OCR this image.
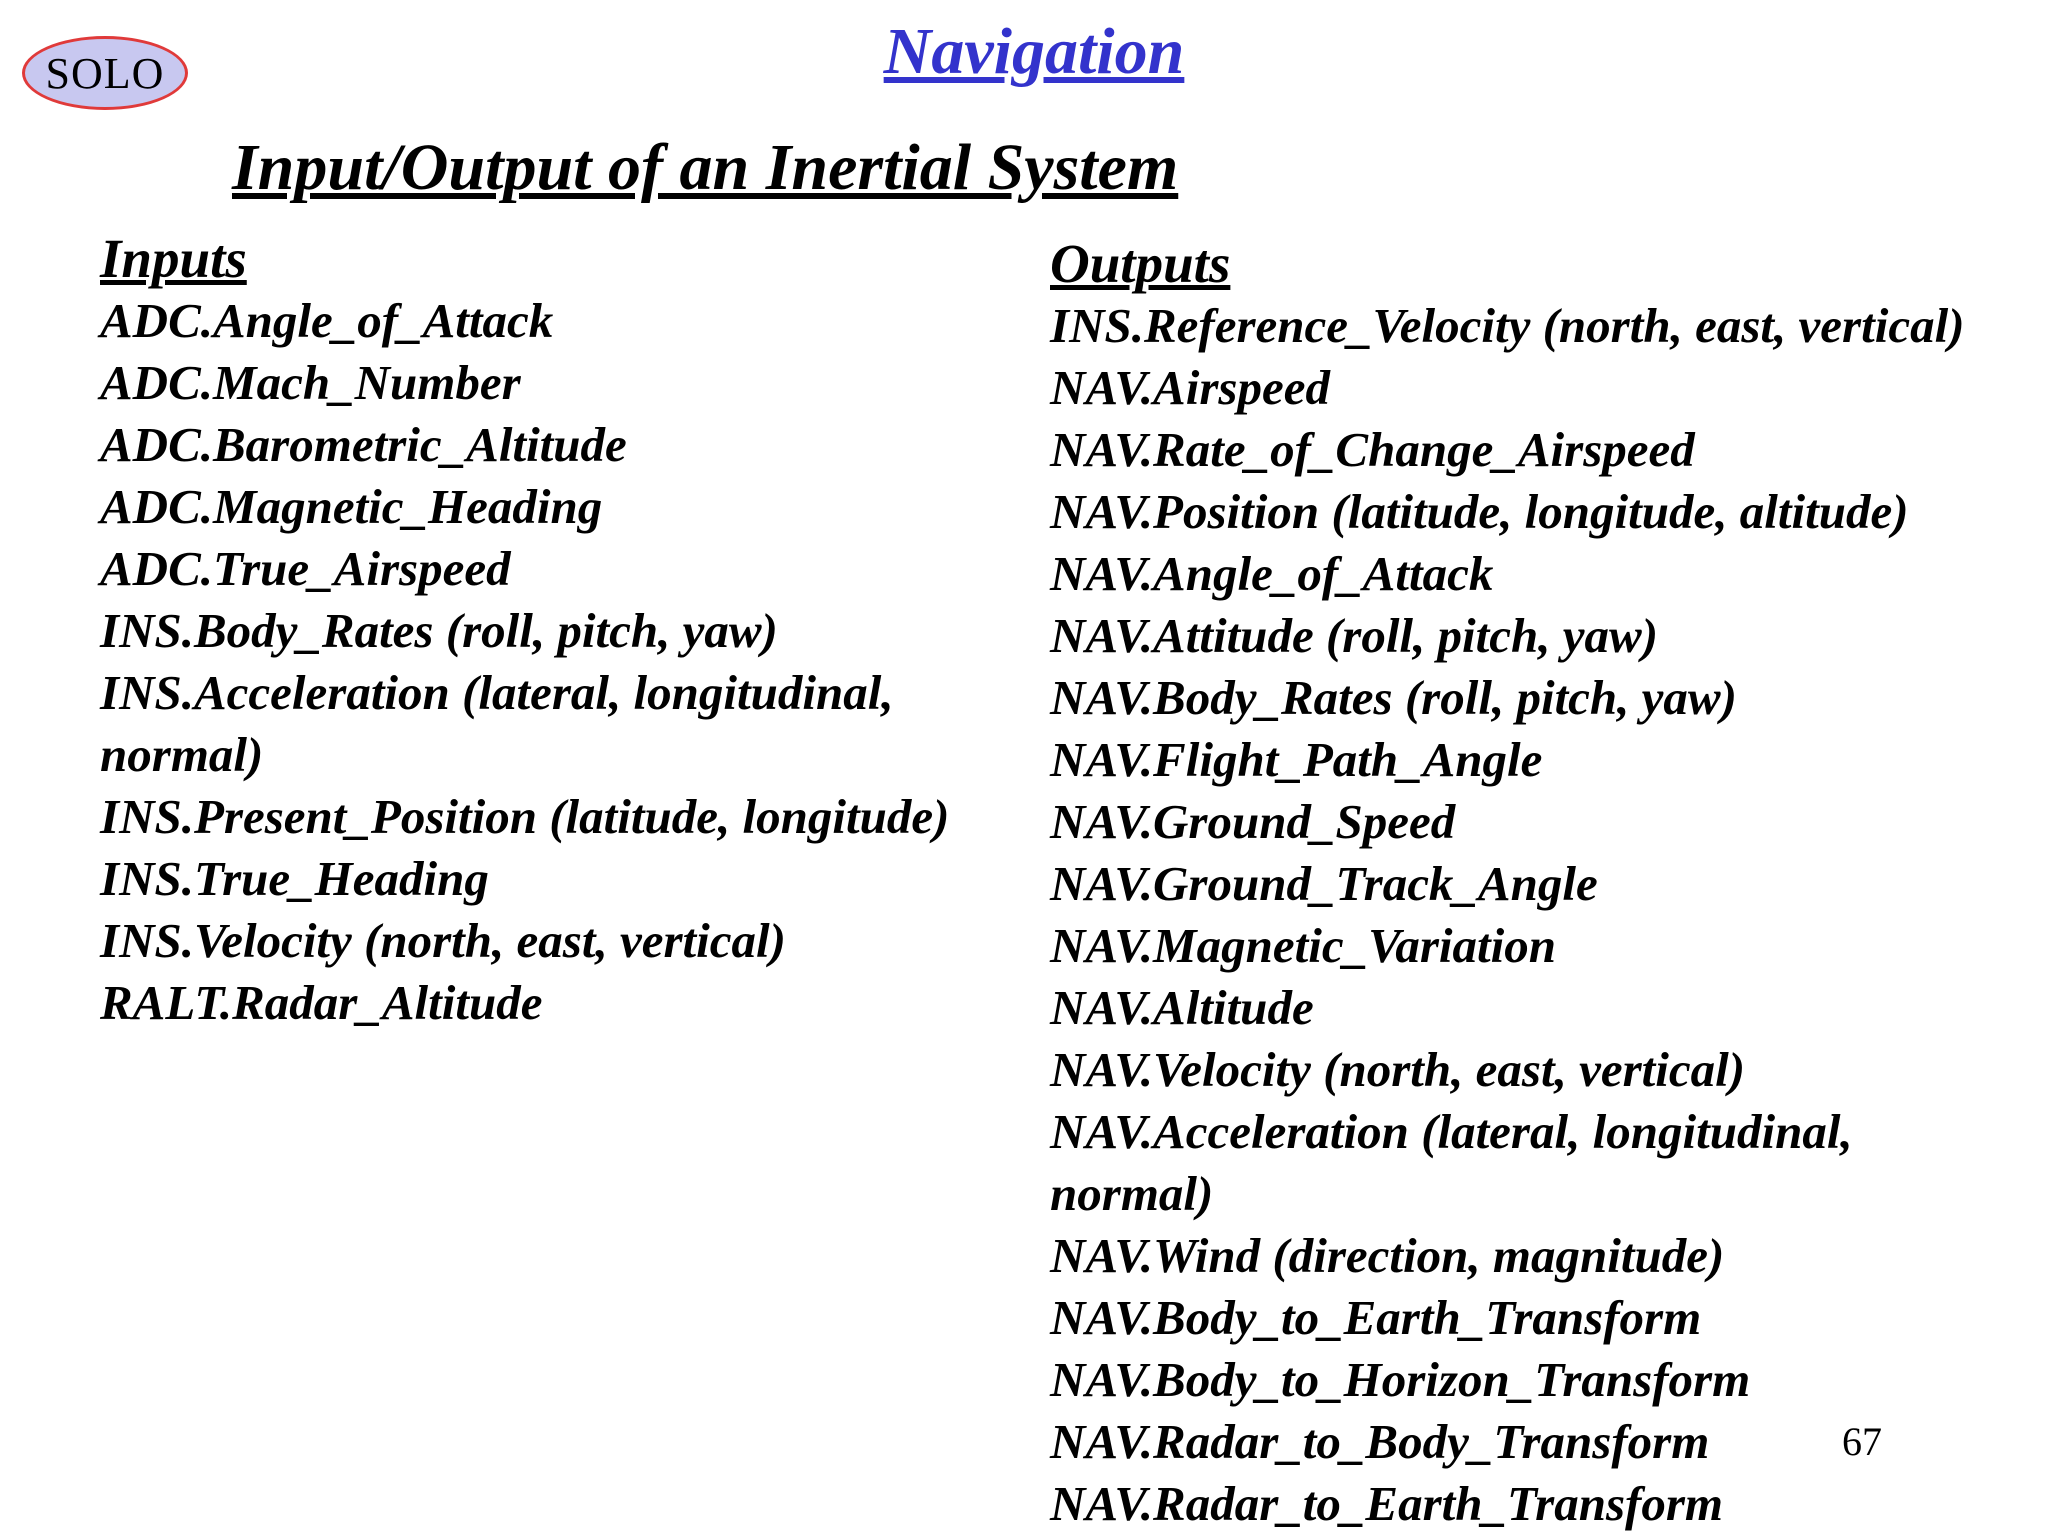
SOLO	Navigation
Input/Output of an Inertial System
Inputs
ADC.Angle_of_Attack
ADC.Mach_Number
ADC.Barometric_Altitude
ADC.Magnetic_Heading
ADC.True_Airspeed
INS.Body_Rates (roll, pitch, yaw)
INS.Acceleration (lateral, longitudinal, normal)
INS.Present_Position (latitude, longitude)
INS.True_Heading
INS.Velocity (north, east, vertical)
RALT.Radar_Altitude
Outputs
INS.Reference_Velocity (north, east, vertical)
NAV.Airspeed
NAV.Rate_of_Change_Airspeed
NAV.Position (latitude, longitude, altitude)
NAV.Angle_of_Attack
NAV.Attitude (roll, pitch, yaw)
NAV.Body_Rates (roll, pitch, yaw)
NAV.Flight_Path_Angle
NAV.Ground_Speed
NAV.Ground_Track_Angle
NAV.Magnetic_Variation
NAV.Altitude
NAV.Velocity (north, east, vertical)
NAV.Acceleration (lateral, longitudinal, normal)
NAV.Wind (direction, magnitude)
NAV.Body_to_Earth_Transform
NAV.Body_to_Horizon_Transform
NAV.Radar_to_Body_Transform
NAV.Radar_to_Earth_Transform
67
